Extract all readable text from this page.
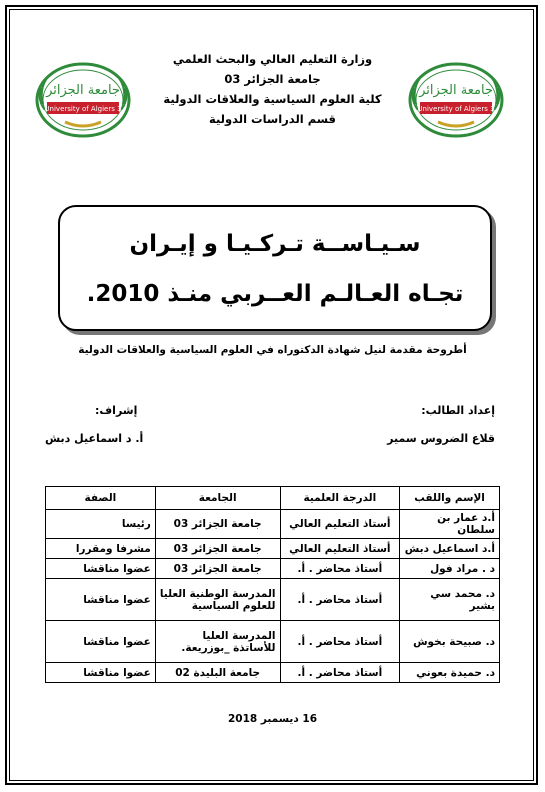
جامعة الجزائر
University of Algiers 3
جامعة الجزائر
University of Algiers 3
وزارة التعليم العالي والبحث العلمي
جامعة الجزائر 03
كلية العلوم السياسية والعلاقات الدولية
قسم الدراسات الدولية
سـيـاســة تـركـيـا و إيـران
تجـاه العـالـم العــربي منـذ 2010.
أطروحة مقدمة لنيل شهادة الدكتوراه في العلوم السياسية والعلاقات الدولية
إعداد الطالب:
إشراف:
قلاع الضروس سمير
أ. د اسماعيل دبش
الإسم واللقب	الدرجة العلمية	الجامعة	الصفة
أ.د عمار بن سلطان	أستاذ التعليم العالي	جامعة الجزائر 03	رئيسا
أ.د اسماعيل دبش	أستاذ التعليم العالي	جامعة الجزائر 03	مشرفا ومقررا
د . مراد فول	أستاذ محاضر . أ.	جامعة الجزائر 03	عضوا مناقشا
د. محمد سي بشير	أستاذ محاضر . أ.	المدرسة الوطنية العليا للعلوم السياسية	عضوا مناقشا
د. صبيحة بخوش	أستاذ محاضر . أ.	المدرسة العليا للأساتذة _بوزريعة.	عضوا مناقشا
د. حميدة بعوني	أستاذ محاضر . أ.	جامعة البليدة 02	عضوا مناقشا
16 ديسمبر 2018
